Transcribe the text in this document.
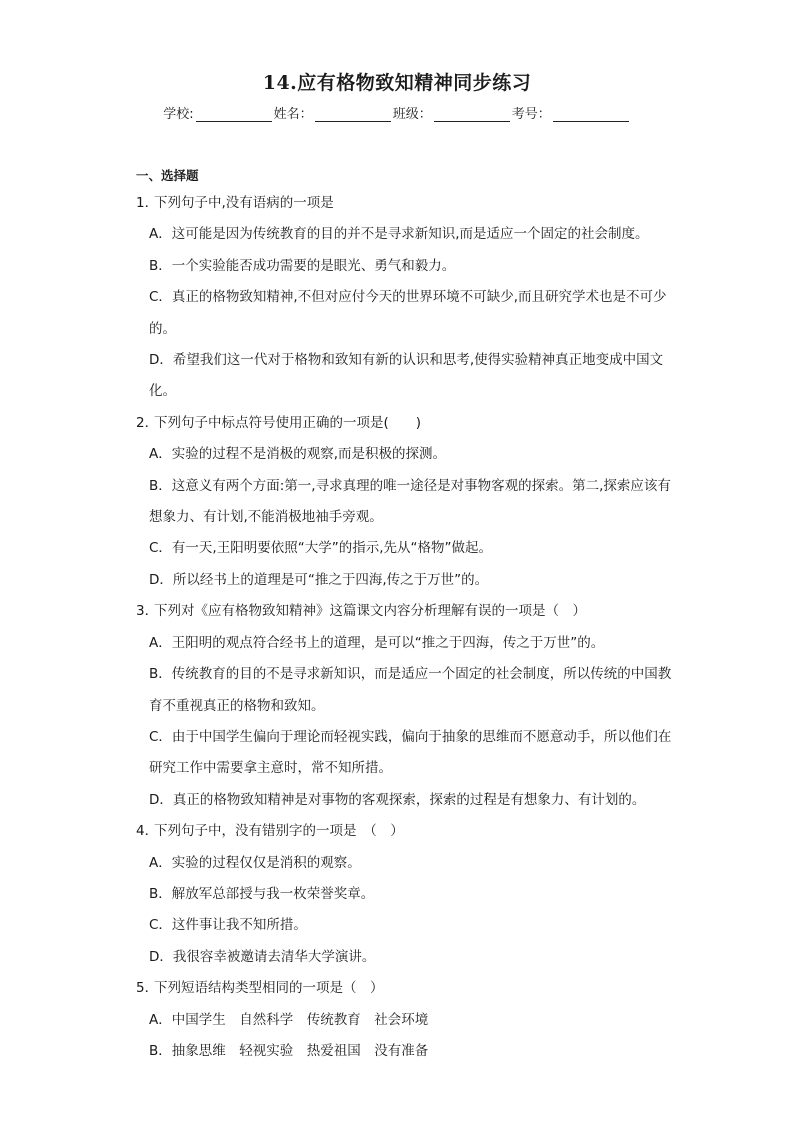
14.应有格物致知精神同步练习
学校:	姓名：	班级：	考号：
一、选择题

1．下列句子中,没有语病的一项是

A．这可能是因为传统教育的目的并不是寻求新知识,而是适应一个固定的社会制度。

B．一个实验能否成功需要的是眼光、勇气和毅力。

C．真正的格物致知精神,不但对应付今天的世界环境不可缺少,而且研究学术也是不可少的。

D．希望我们这一代对于格物和致知有新的认识和思考,使得实验精神真正地变成中国文化。

2．下列句子中标点符号使用正确的一项是(　　)

A．实验的过程不是消极的观察,而是积极的探测。

B．这意义有两个方面:第一,寻求真理的唯一途径是对事物客观的探索。第二,探索应该有想象力、有计划,不能消极地袖手旁观。

C．有一天,王阳明要依照“大学”的指示,先从“格物”做起。

D．所以经书上的道理是可“推之于四海,传之于万世”的。

3．下列对《应有格物致知精神》这篇课文内容分析理解有误的一项是（　）

A．王阳明的观点符合经书上的道理，是可以“推之于四海，传之于万世”的。

B．传统教育的目的不是寻求新知识，而是适应一个固定的社会制度，所以传统的中国教育不重视真正的格物和致知。

C．由于中国学生偏向于理论而轻视实践，偏向于抽象的思维而不愿意动手，所以他们在研究工作中需要拿主意时，常不知所措。

D．真正的格物致知精神是对事物的客观探索，探索的过程是有想象力、有计划的。

4．下列句子中，没有错别字的一项是　（　）

A．实验的过程仅仅是消积的观察。

B．解放军总部授与我一枚荣誉奖章。

C．这件事让我不知所措。

D．我很容幸被邀请去清华大学演讲。

5．下列短语结构类型相同的一项是（　）

A．中国学生　自然科学　传统教育　社会环境

B．抽象思维　轻视实验　热爱祖国　没有准备
